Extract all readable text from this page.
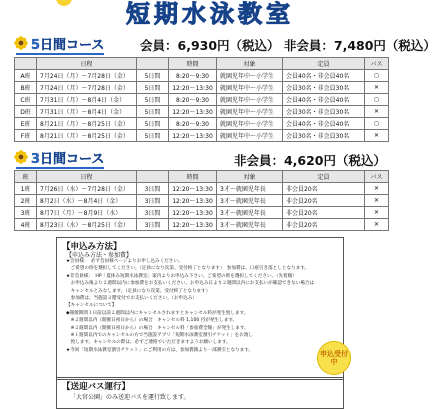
短期水泳教室
5日間コース	会員：6,930円（税込） 非会員：7,480円（税込）
	日程		時間	対象	定員	バス
A班	7月24日（月）〜7月28日（金）	5日間	8:20〜9:30	就園児年中〜小学生	会員40名・非会員40名	○
B班	7月24日（月）〜7月28日（金）	5日間	12:20〜13:30	就園児年中〜小学生	会員30名・非会員30名	✕
C班	7月31日（月）〜8月4日（金）	5日間	8:20〜9:30	就園児年中〜小学生	会員40名・非会員40名	○
D班	7月31日（月）〜8月4日（金）	5日間	12:20〜13:30	就園児年中〜小学生	会員30名・非会員30名	✕
E班	8月21日（月）〜8月25日（金）	5日間	8:20〜9:30	就園児年中〜小学生	会員40名・非会員40名	○
F班	8月21日（月）〜8月25日（金）	5日間	12:20〜13:30	就園児年中〜小学生	会員30名・非会員30名	✕
3日間コース	非会員：4,620円（税込）
班	日程		時間	対象	定員	バス
1班	7月26日（水）〜7月28日（金）	3日間	12:20〜13:30	3才〜就園児年長	非会員20名	✕
2班	8月2日（水）〜8月4日（金）	3日間	12:20〜13:30	3才〜就園児年長	非会員20名	✕
3班	8月7日（月）〜8月9日（水）	3日間	12:20〜13:30	3才〜就園児年長	非会員20名	✕
4班	8月23日（水）〜8月25日（金）	3日間	12:20〜13:30	3才〜就園児年長	非会員20名	✕
【申込み方法】
【申込み方法・参加費】
★会員様：　必ず会員様ページよりお申し込みください。
　ご希望の班を選択してください。（定員になり次第、受付終了となります）　参加費は、口座引き落としとなります。
★非会員様：　HP「夏休み短期水泳教室」案内よりお申込み下さい。ご希望の班を選択してください。（先着順）
　お申込み後より２週間以内に参加費をお支払いください。お申込み日より２週間以内にお支払いが確認できない場合は
　キャンセルとみなします。（定員になり次第、受付終了となります）
　参加費は、当施設２階受付でお支払いください。（お申込み）
【キャンセルについて】
◆開催期間１日前以前２週間以内にキャンセルされますとキャンセル料が発生致します。
　※２週間以内（開催日初日から）の場合　キャンセル料 1,100 円が発生します。
　※２週間以内（開催日初日から）の場合　キャンセル料「参加費全額」が発生します。
　※１週間以内でのキャンセルの方で当施設アプリ「短期水泳教室割引チケット」をお渡し
　致します。キャンセルの際は、必ずご連絡でいただきますようお願いします。
★今回「短期水泳教室割引チケット」にご利用の方は、参加費銭より一部割引となります。	申込受付中
【送迎バス運行】
「大宮公園」のみ送迎バスを運行致します。
